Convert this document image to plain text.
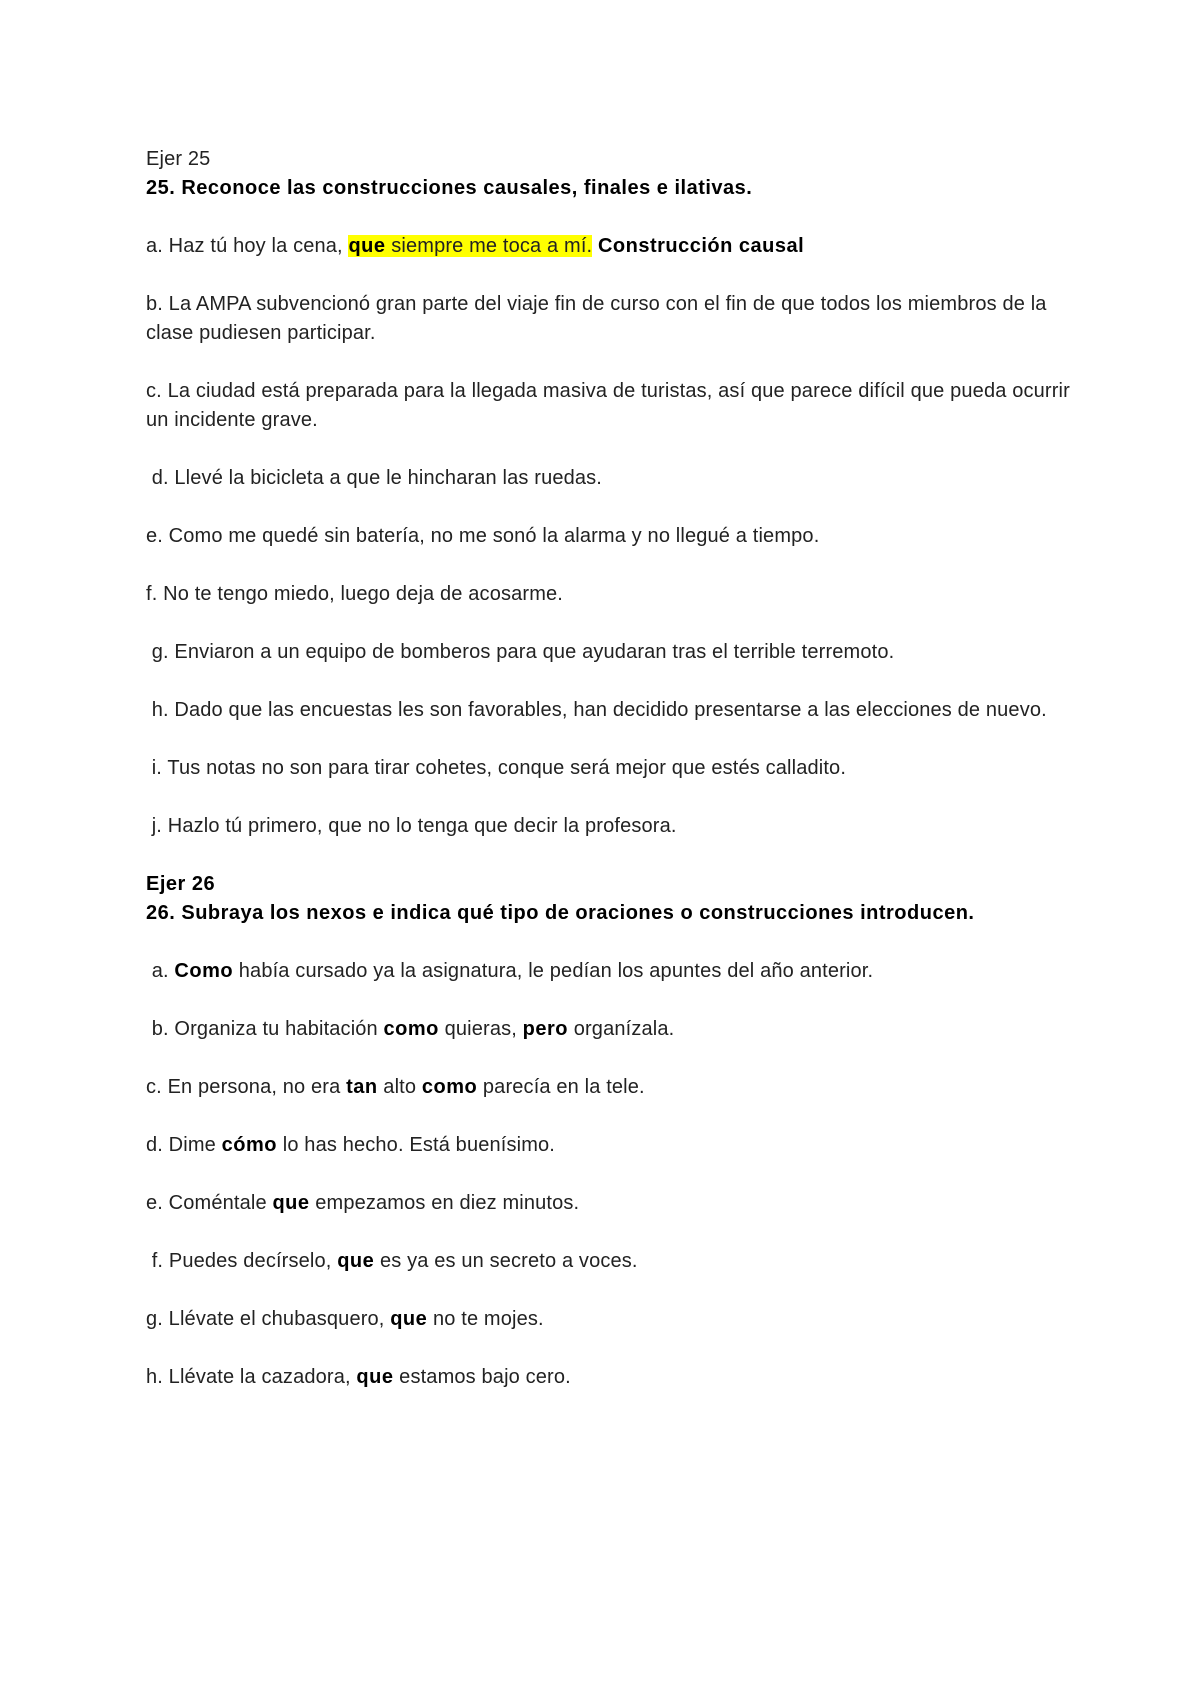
Ejer 25

25. Reconoce las construcciones causales, finales e ilativas.

a. Haz tú hoy la cena, que siempre me toca a mí. Construcción causal

b. La AMPA subvencionó gran parte del viaje fin de curso con el fin de que todos los miembros de la clase pudiesen participar.

c. La ciudad está preparada para la llegada masiva de turistas, así que parece difícil que pueda ocurrir un incidente grave.

d. Llevé la bicicleta a que le hincharan las ruedas.

e. Como me quedé sin batería, no me sonó la alarma y no llegué a tiempo.

f. No te tengo miedo, luego deja de acosarme.

g. Enviaron a un equipo de bomberos para que ayudaran tras el terrible terremoto.

h. Dado que las encuestas les son favorables, han decidido presentarse a las elecciones de nuevo.

i. Tus notas no son para tirar cohetes, conque será mejor que estés calladito.

j. Hazlo tú primero, que no lo tenga que decir la profesora.

Ejer 26

26. Subraya los nexos e indica qué tipo de oraciones o construcciones introducen.

a. Como había cursado ya la asignatura, le pedían los apuntes del año anterior.

b. Organiza tu habitación como quieras, pero organízala.

c. En persona, no era tan alto como parecía en la tele.

d. Dime cómo lo has hecho. Está buenísimo.

e. Coméntale que empezamos en diez minutos.

f. Puedes decírselo, que es ya es un secreto a voces.

g. Llévate el chubasquero, que no te mojes.

h. Llévate la cazadora, que estamos bajo cero.
